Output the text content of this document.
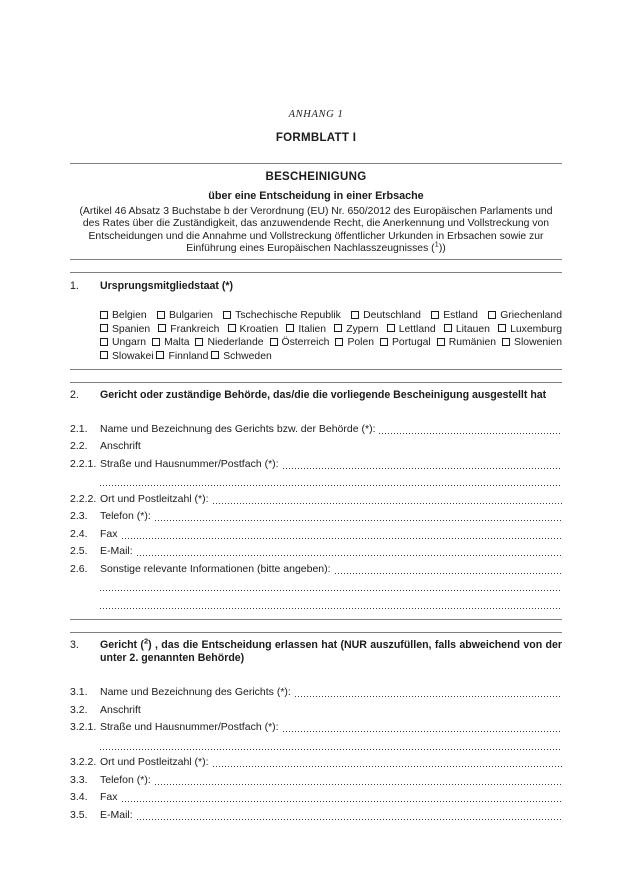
ANHANG 1
FORMBLATT I
BESCHEINIGUNG
über eine Entscheidung in einer Erbsache

(Artikel 46 Absatz 3 Buchstabe b der Verordnung (EU) Nr. 650/2012 des Europäischen Parlaments und des Rates über die Zuständigkeit, das anzuwendende Recht, die Anerkennung und Vollstreckung von Entscheidungen und die Annahme und Vollstreckung öffentlicher Urkunden in Erbsachen sowie zur Einführung eines Europäischen Nachlasszeugnisses ($^1$))

1.	Ursprungsmitgliedstaat (*)
Belgien Bulgarien Tschechische Republik Deutschland Estland Griechenland
Spanien Frankreich Kroatien Italien Zypern Lettland Litauen Luxemburg
Ungarn Malta Niederlande Österreich Polen Portugal Rumänien Slowenien
Slowakei Finnland Schweden
2.	Gericht oder zuständige Behörde, das/die die vorliegende Bescheinigung ausgestellt hat
2.1.	Name und Bezeichnung des Gerichts bzw. der Behörde (*):
2.2.	Anschrift
2.2.1. Straße und Hausnummer/Postfach (*):
2.2.2. Ort und Postleitzahl (*):
2.3.	Telefon (*):
2.4.	Fax
2.5.	E-Mail:
2.6.	Sonstige relevante Informationen (bitte angeben):
3.	Gericht ($^2$) , das die Entscheidung erlassen hat (NUR auszufüllen, falls abweichend von der unter 2. genannten Behörde)
3.1.	Name und Bezeichnung des Gerichts (*):
3.2.	Anschrift
3.2.1. Straße und Hausnummer/Postfach (*):
3.2.2. Ort und Postleitzahl (*):
3.3.	Telefon (*):
3.4.	Fax
3.5.	E-Mail:
